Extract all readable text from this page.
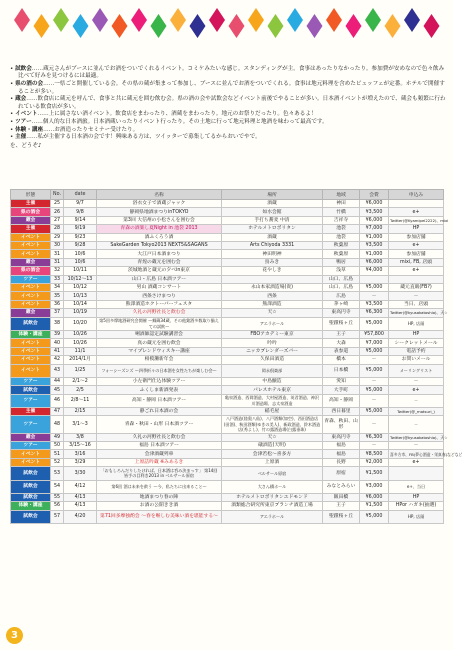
• 試飲会……蔵元さんがブースに並んでお酒をついでくれるイベント。コミケみたいな感じ。スタンディングが主。食事はあったりなかったり。参加費が安めなので色々飲み比べて好みを見つけるには最適。
• 県の酒の会……一県ごと開催している会。その県の蔵が集まって参加し、ブースに並んでお酒をついでくれる。食事は地元料理を含めたビュッフェが定番。ホテルで開催することが多い。
• 蔵会……飲食店に蔵元を呼んで、食事と共に蔵元を囲む飲む会。県の酒の会や試飲会などイベント前後でやることが多い。日本酒イベントが増えたので、蔵会も頻繁に行われている飲食店が多い。
• イベント……上に属さない酒イベント。飲食店をまわったり、酒蔵をまわったり。地元のお祭りだったり。色々あるよ！
• ツアー……個人的な日本酒旅。日本酒蔵いったりイベント行ったり。その土地に行って地元料理と地酒を味わって最高です。
• 体験・講座……お酒造ったりセミナー受けたり。
• 主催……私が主催する日本酒の会です！興味ある方は、ツイッターで募集してるからおいでやで。
を、どうぞ♪
形態	No.	date	名称	場所	地域	会費	申込み
主催	25	9/7	浴衣女子で酒蔵ジャック	酒蔵	神田	¥6,000	
県の酒会	26	9/8	静岡県地酒まつりinTOKYO	如水会館	竹橋	¥3,500	e+
蔵会	27	9/14	第3回 大信州の小松さんを囲む会	手打ち蕎麦 中清	吉祥寺	¥6,000	Twitter(@Kyamipei2222)、mixi
主催	28	9/19	青森の酒楽し夏Night in 池袋 2013	ホテルメトロポリタン	池袋	¥7,000	HP
イベント	29	9/23	酒ふくろう酒	酒蔵	池袋	¥1,000	参加店舗
イベント	30	9/28	SakeGarden Tokyo2013 NEXT5&SAGANS	Arts Chiyoda 3331	秋葉原	¥3,500	e+
イベント	31	10/6	大江戸日本酒まつり	神田明神	秋葉原	¥1,000	参加店舗
蔵会	31	10/6	青煌の蔵元を囲む会	鳥みき	鴨居	¥6,000	mixi, FB, 店頭
県の酒会	32	10/11	茨城地酒と蔵元の夕べin東京	花やしき	浅草	¥4,000	e+
ツアー	33	10/12〜13	山口・広島 日本酒ツアー		山口、広島		
イベント	34	10/12	男山 酒蔵コンサート	永山本家酒造場(貴)	山口、広島	¥5,000	蔵元直販(FB?)
イベント	35	10/13	西条さけまつり	西条	広島	－	－
イベント	36	10/14	熊澤酒造ホクトーバーフェスタ	熊澤酒造	茅ヶ崎	¥3,500	当日、店頭
蔵会	37	10/19	久礼の河野社長と飲む会	天☆	東高円寺	¥6,300	Twitter(@kyusakatoshio)、天☆
試飲会	38	10/20	第5回多摩地酒研究会開催 〜郷蔵34蔵、その他銘酒多数取り揃えての試飲〜	アエラホール	聖蹟桜ヶ丘	¥5,000	HP, 店頭
体験・講座	39	10/26	唎酒師認定試験講習会	FBOアカデミー東京	王子	¥57,800	HP
イベント	40	10/26	真の蔵元を囲む飲会	吟吟	大森	¥7,000	シークレットメール
イベント	41	11/1	マイプレンドウィスキー講座	ニッカブレンダーズバー	表参道	¥5,000	電話予約
イベント	42	2014/1月	相模灘新年会	久保田酒造	橋本	－	お問いメール
イベント	43	1/25	フォーシーズンズ 〜四季折々の日本酒を女性たちが楽しむ会〜	岡永倶楽部	日本橋	¥5,000	メーリングリスト
ツアー	44	2/1〜2	小左衛門仕込体験ツアー	中島醸造	愛知	－	－
試飲会	45	2/5	ふくしま新酒発表	パレスホテル東京	大手町	¥5,000	e+
ツアー	46	2/8〜11	高知・静岡 日本酒ツアー	亀泉酒造、西岡酒造、大村屋酒造、英君酒造、神沢川酒造場、志太泉酒造	高知・静岡	－	－
主催	47	2/15	静ごれ日本酒の会	稲毛屋	西日暮里	¥5,000	Twitter(@_matsuri_)
ツアー	48	3/1〜3	青森・秋田・山形 日本酒ツアー	八戸酒造(陸奥八仙)、八戸酒類(如空)、西田酒造店(田酒)、秋田酒類(ゆきの美人)、新政酒造、鈴木酒造店(秀よし)、竹の露酒造場(白露垂珠)	青森、秋田、山形	－	－
蔵会	49	3/8	久礼の河野社長と飲む会	天☆	東高円寺	¥6,300	Twitter(@kyusakatoshio)、天☆
ツアー	50	3/15〜16	福島 日本酒ツアー	礒酒造(天明)	福島	－	－
イベント	51	3/16	会津酒蔵列車	会津若松〜喜多方	福島	¥8,500	喜多方市、FB(夢心酒造・栄真春)などなど
イベント	52	3/29	上原詰吟蔵 ※みあるき	上原酒	長野	¥2,000	e+
試飲会	53	3/30	「おもしろんだりしたければ。日本酒は呑み決まっす」 第14回 皆手の目利き2013 in ベルサール原宿	ベルサール原宿	原宿	¥1,500	
試飲会	54	4/12	第6回 酒は未来を救う 〜今、私たちに出来ること〜	大さん橋ホール	みなとみらい	¥3,000	e+、当日
試飲会	55	4/13	地酒まつり春の陣	ホテルメトロポリタンエドモンド	飯田橋	¥6,000	HP
体験・講座	56	4/13	お酒の公開きき酒	酒類総合研究所東京ブランチ酒造工場	王子	¥1,500	HPor ハガキ(抽選)
試飲会	57	4/20	第71回多摩独酌会 〜春を喉しむ美味い酒を堪能する〜	アエラホール	聖蹟桜ヶ丘	¥5,000	HP, 店頭
3
